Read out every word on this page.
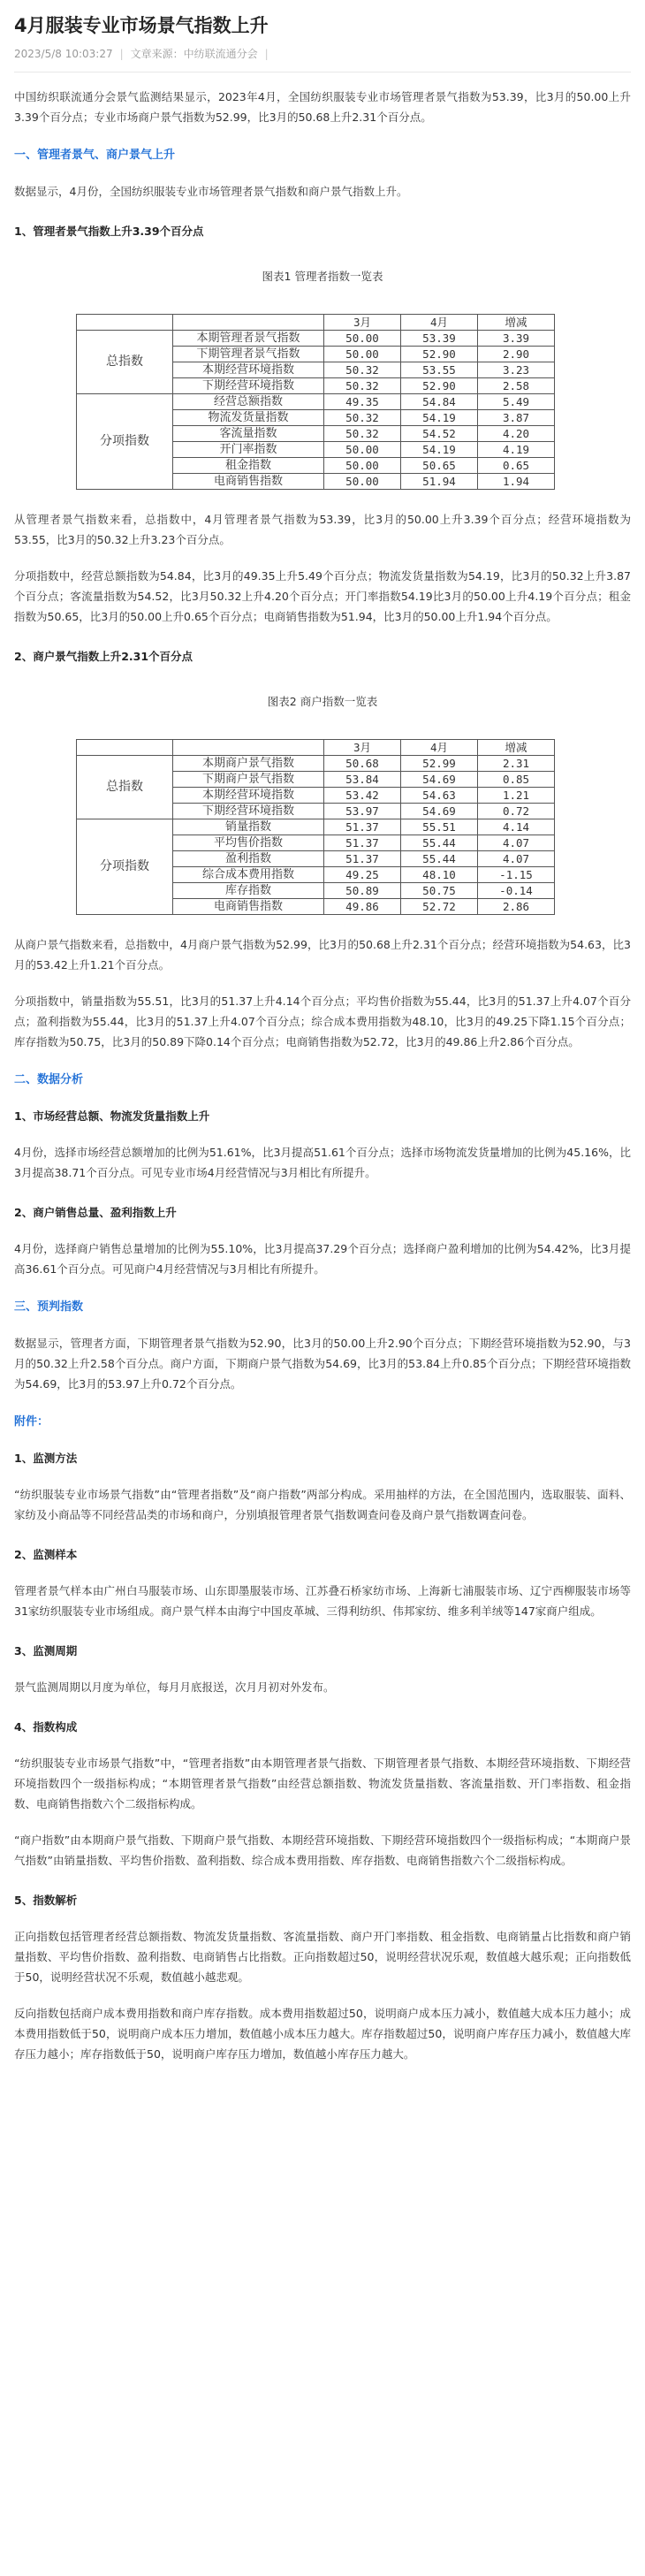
4月服装专业市场景气指数上升
2023/5/8 10:03:27 | 文章来源：中纺联流通分会 |

中国纺织联流通分会景气监测结果显示，2023年4月，全国纺织服装专业市场管理者景气指数为53.39，比3月的50.00上升3.39个百分点；专业市场商户景气指数为52.99，比3月的50.68上升2.31个百分点。

一、管理者景气、商户景气上升

数据显示，4月份，全国纺织服装专业市场管理者景气指数和商户景气指数上升。

1、管理者景气指数上升3.39个百分点
图表1 管理者指数一览表
		3月	4月	增减
总指数	本期管理者景气指数	50.00	53.39	3.39
	下期管理者景气指数	50.00	52.90	2.90
	本期经营环境指数	50.32	53.55	3.23
	下期经营环境指数	50.32	52.90	2.58
分项指数	经营总额指数	49.35	54.84	5.49
	物流发货量指数	50.32	54.19	3.87
	客流量指数	50.32	54.52	4.20
	开门率指数	50.00	54.19	4.19
	租金指数	50.00	50.65	0.65
	电商销售指数	50.00	51.94	1.94

从管理者景气指数来看，总指数中，4月管理者景气指数为53.39，比3月的50.00上升3.39个百分点；经营环境指数为53.55，比3月的50.32上升3.23个百分点。

分项指数中，经营总额指数为54.84，比3月的49.35上升5.49个百分点；物流发货量指数为54.19，比3月的50.32上升3.87个百分点；客流量指数为54.52，比3月50.32上升4.20个百分点；开门率指数54.19比3月的50.00上升4.19个百分点；租金指数为50.65，比3月的50.00上升0.65个百分点；电商销售指数为51.94，比3月的50.00上升1.94个百分点。

2、商户景气指数上升2.31个百分点
图表2 商户指数一览表
		3月	4月	增减
总指数	本期商户景气指数	50.68	52.99	2.31
	下期商户景气指数	53.84	54.69	0.85
	本期经营环境指数	53.42	54.63	1.21
	下期经营环境指数	53.97	54.69	0.72
分项指数	销量指数	51.37	55.51	4.14
	平均售价指数	51.37	55.44	4.07
	盈利指数	51.37	55.44	4.07
	综合成本费用指数	49.25	48.10	-1.15
	库存指数	50.89	50.75	-0.14
	电商销售指数	49.86	52.72	2.86

从商户景气指数来看，总指数中，4月商户景气指数为52.99，比3月的50.68上升2.31个百分点；经营环境指数为54.63，比3月的53.42上升1.21个百分点。

分项指数中，销量指数为55.51，比3月的51.37上升4.14个百分点；平均售价指数为55.44，比3月的51.37上升4.07个百分点；盈利指数为55.44，比3月的51.37上升4.07个百分点；综合成本费用指数为48.10，比3月的49.25下降1.15个百分点；库存指数为50.75，比3月的50.89下降0.14个百分点；电商销售指数为52.72，比3月的49.86上升2.86个百分点。

二、数据分析
1、市场经营总额、物流发货量指数上升

4月份，选择市场经营总额增加的比例为51.61%，比3月提高51.61个百分点；选择市场物流发货量增加的比例为45.16%，比3月提高38.71个百分点。可见专业市场4月经营情况与3月相比有所提升。

2、商户销售总量、盈利指数上升

4月份，选择商户销售总量增加的比例为55.10%，比3月提高37.29个百分点；选择商户盈利增加的比例为54.42%，比3月提高36.61个百分点。可见商户4月经营情况与3月相比有所提升。

三、预判指数

数据显示，管理者方面，下期管理者景气指数为52.90，比3月的50.00上升2.90个百分点；下期经营环境指数为52.90，与3月的50.32上升2.58个百分点。商户方面，下期商户景气指数为54.69，比3月的53.84上升0.85个百分点；下期经营环境指数为54.69，比3月的53.97上升0.72个百分点。

附件：
1、监测方法

“纺织服装专业市场景气指数”由“管理者指数”及“商户指数”两部分构成。采用抽样的方法，在全国范围内，选取服装、面料、家纺及小商品等不同经营品类的市场和商户，分别填报管理者景气指数调查问卷及商户景气指数调查问卷。

2、监测样本

管理者景气样本由广州白马服装市场、山东即墨服装市场、江苏叠石桥家纺市场、上海新七浦服装市场、辽宁西柳服装市场等31家纺织服装专业市场组成。商户景气样本由海宁中国皮革城、三得利纺织、伟邦家纺、维多利羊绒等147家商户组成。

3、监测周期

景气监测周期以月度为单位，每月月底报送，次月月初对外发布。

4、指数构成

“纺织服装专业市场景气指数”中，“管理者指数”由本期管理者景气指数、下期管理者景气指数、本期经营环境指数、下期经营环境指数四个一级指标构成；“本期管理者景气指数”由经营总额指数、物流发货量指数、客流量指数、开门率指数、租金指数、电商销售指数六个二级指标构成。

“商户指数”由本期商户景气指数、下期商户景气指数、本期经营环境指数、下期经营环境指数四个一级指标构成；“本期商户景气指数”由销量指数、平均售价指数、盈利指数、综合成本费用指数、库存指数、电商销售指数六个二级指标构成。

5、指数解析

正向指数包括管理者经营总额指数、物流发货量指数、客流量指数、商户开门率指数、租金指数、电商销量占比指数和商户销量指数、平均售价指数、盈利指数、电商销售占比指数。正向指数超过50，说明经营状况乐观，数值越大越乐观；正向指数低于50，说明经营状况不乐观，数值越小越悲观。

反向指数包括商户成本费用指数和商户库存指数。成本费用指数超过50，说明商户成本压力减小，数值越大成本压力越小；成本费用指数低于50，说明商户成本压力增加，数值越小成本压力越大。库存指数超过50，说明商户库存压力减小，数值越大库存压力越小；库存指数低于50，说明商户库存压力增加，数值越小库存压力越大。
